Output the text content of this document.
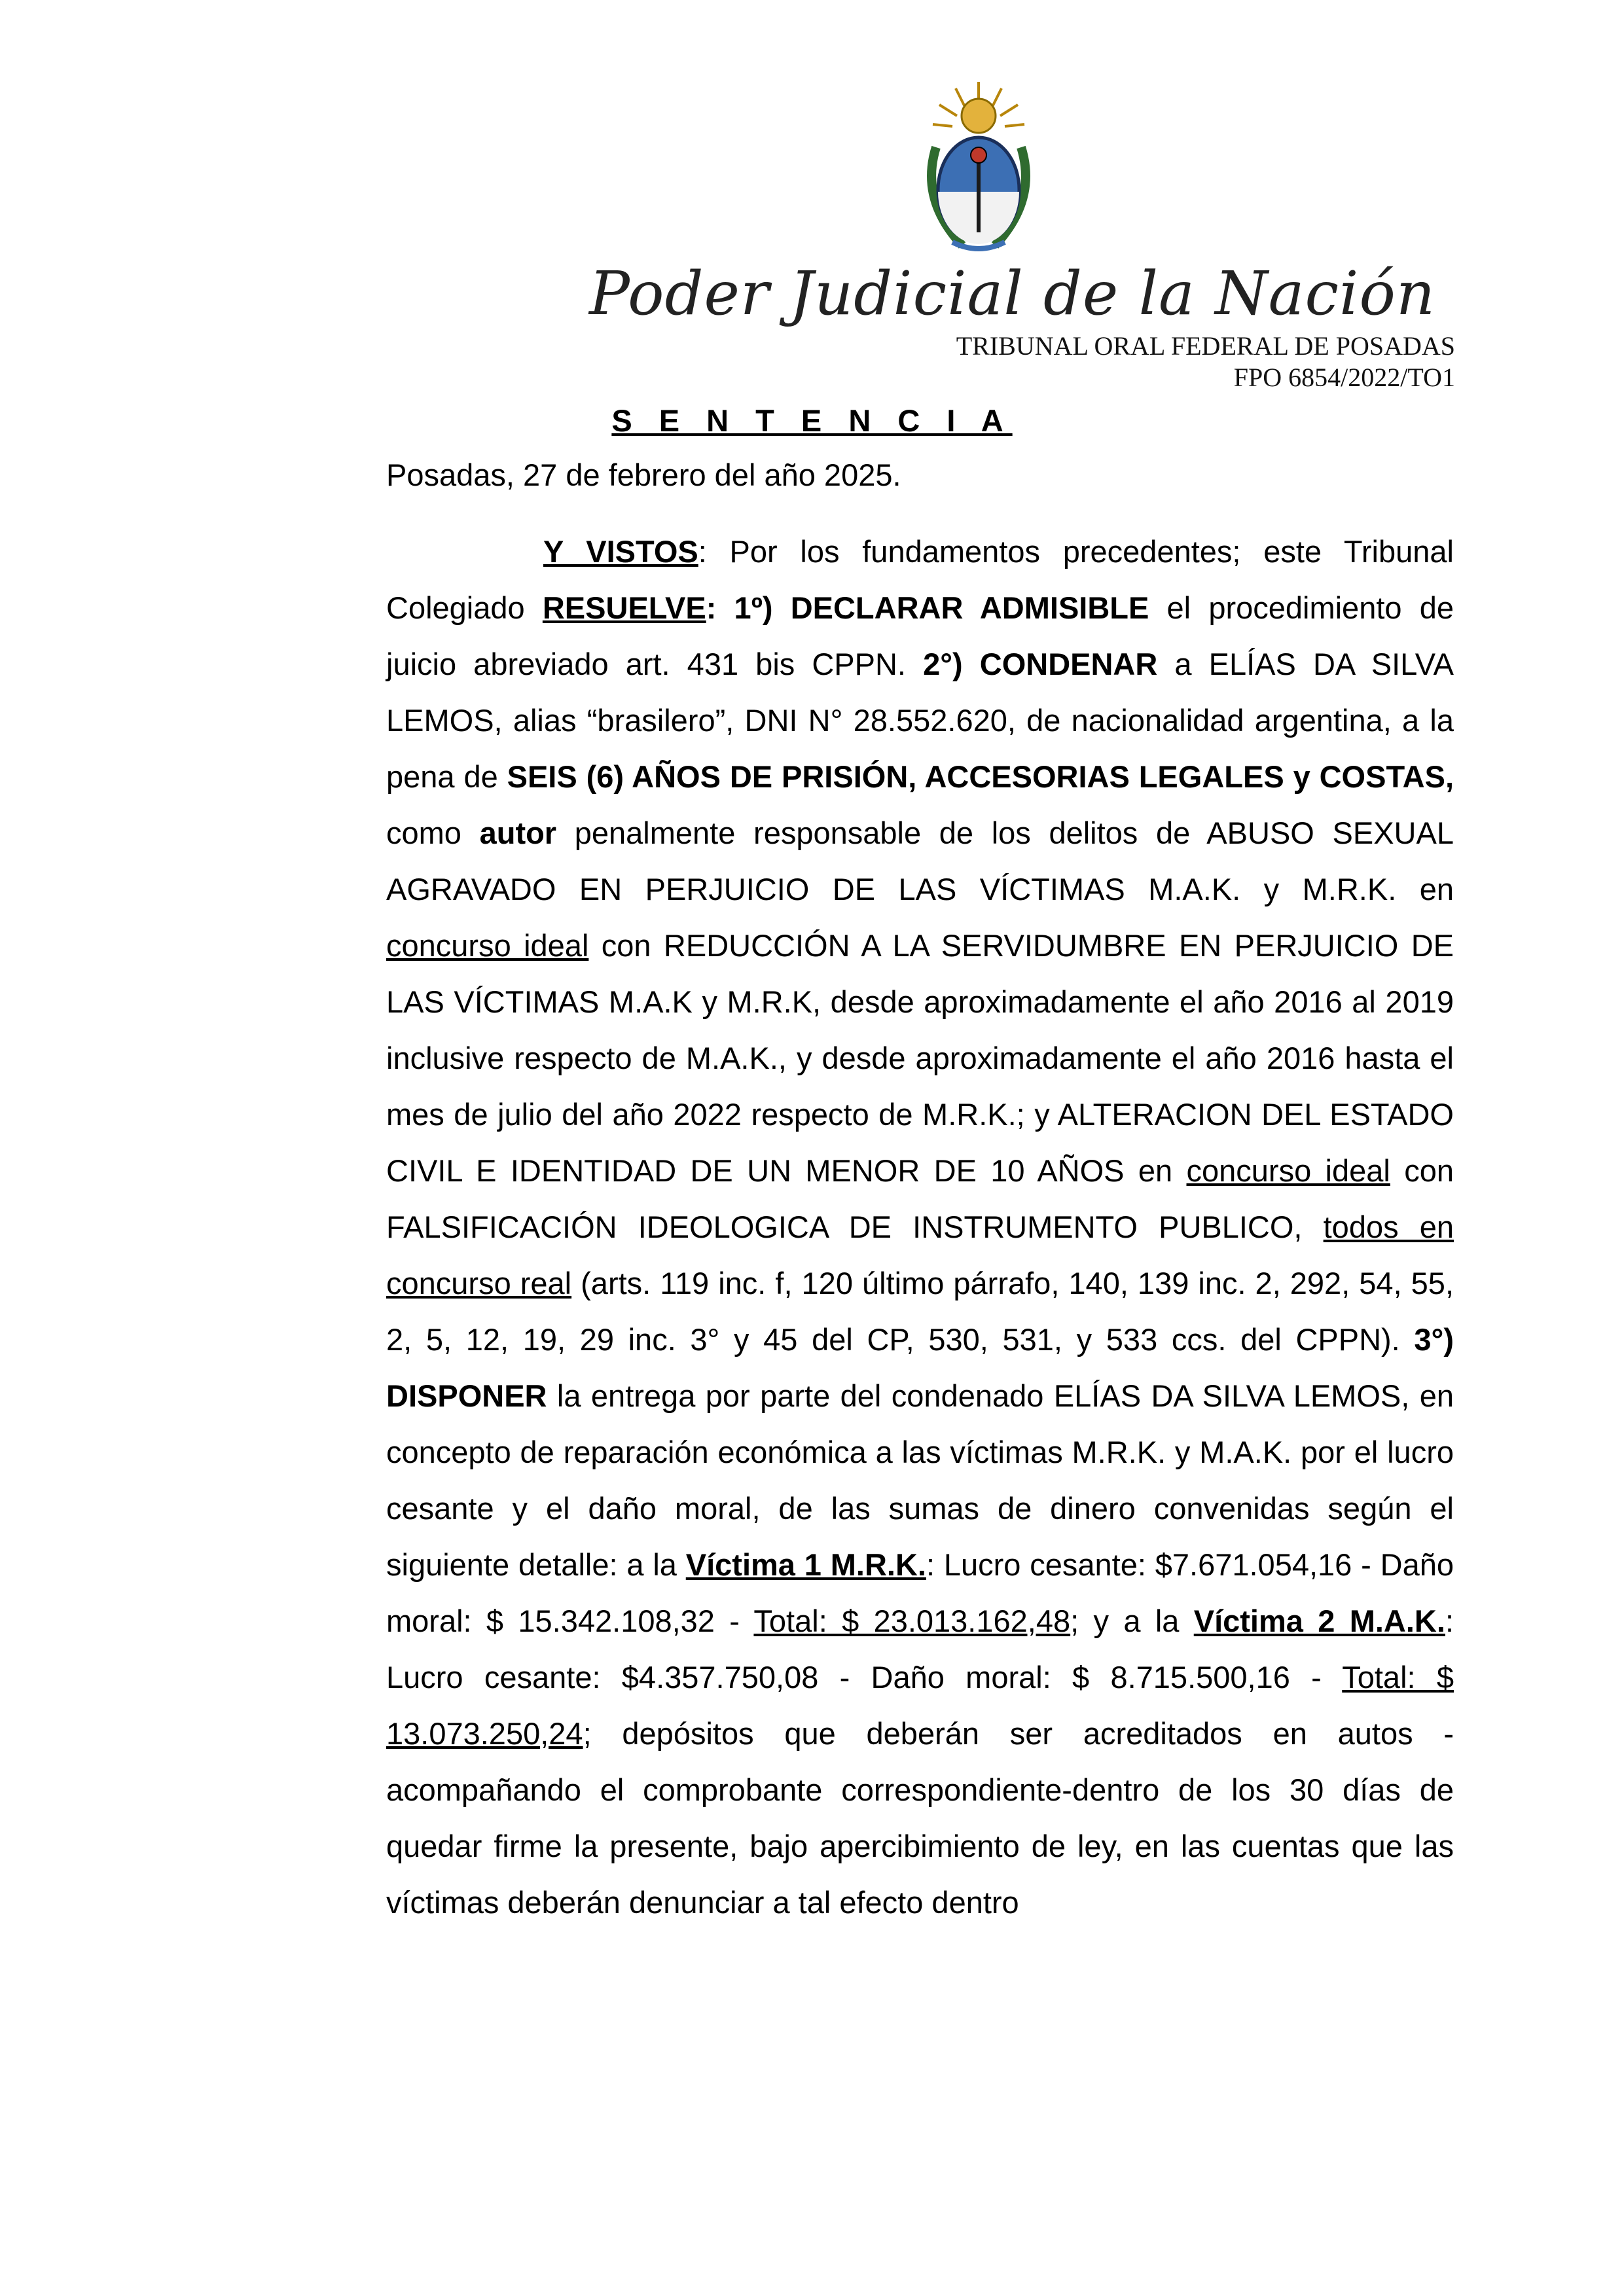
Poder Judicial de la Nación
TRIBUNAL ORAL FEDERAL DE POSADAS
FPO 6854/2022/TO1
S E N T E N C I A
Posadas, 27 de febrero del año 2025.
Y VISTOS: Por los fundamentos precedentes; este Tribunal Colegiado RESUELVE: 1º) DECLARAR ADMISIBLE el procedimiento de juicio abreviado art. 431 bis CPPN. 2°) CONDENAR a ELÍAS DA SILVA LEMOS, alias “brasilero”, DNI N° 28.552.620, de nacionalidad argentina, a la pena de SEIS (6) AÑOS DE PRISIÓN, ACCESORIAS LEGALES y COSTAS, como autor penalmente responsable de los delitos de ABUSO SEXUAL AGRAVADO EN PERJUICIO DE LAS VÍCTIMAS M.A.K. y M.R.K. en concurso ideal con REDUCCIÓN A LA SERVIDUMBRE EN PERJUICIO DE LAS VÍCTIMAS M.A.K y M.R.K, desde aproximadamente el año 2016 al 2019 inclusive respecto de M.A.K., y desde aproximadamente el año 2016 hasta el mes de julio del año 2022 respecto de M.R.K.; y ALTERACION DEL ESTADO CIVIL E IDENTIDAD DE UN MENOR DE 10 AÑOS en concurso ideal con FALSIFICACIÓN IDEOLOGICA DE INSTRUMENTO PUBLICO, todos en concurso real (arts. 119 inc. f, 120 último párrafo, 140, 139 inc. 2, 292, 54, 55, 2, 5, 12, 19, 29 inc. 3° y 45 del CP, 530, 531, y 533 ccs. del CPPN). 3°) DISPONER la entrega por parte del condenado ELÍAS DA SILVA LEMOS, en concepto de reparación económica a las víctimas M.R.K. y M.A.K. por el lucro cesante y el daño moral, de las sumas de dinero convenidas según el siguiente detalle: a la Víctima 1 M.R.K.: Lucro cesante: $7.671.054,16 - Daño moral: $ 15.342.108,32 - Total: $ 23.013.162,48; y a la Víctima 2 M.A.K.: Lucro cesante: $4.357.750,08 - Daño moral: $ 8.715.500,16 - Total: $ 13.073.250,24; depósitos que deberán ser acreditados en autos -acompañando el comprobante correspondiente-dentro de los 30 días de quedar firme la presente, bajo apercibimiento de ley, en las cuentas que las víctimas deberán denunciar a tal efecto dentro
